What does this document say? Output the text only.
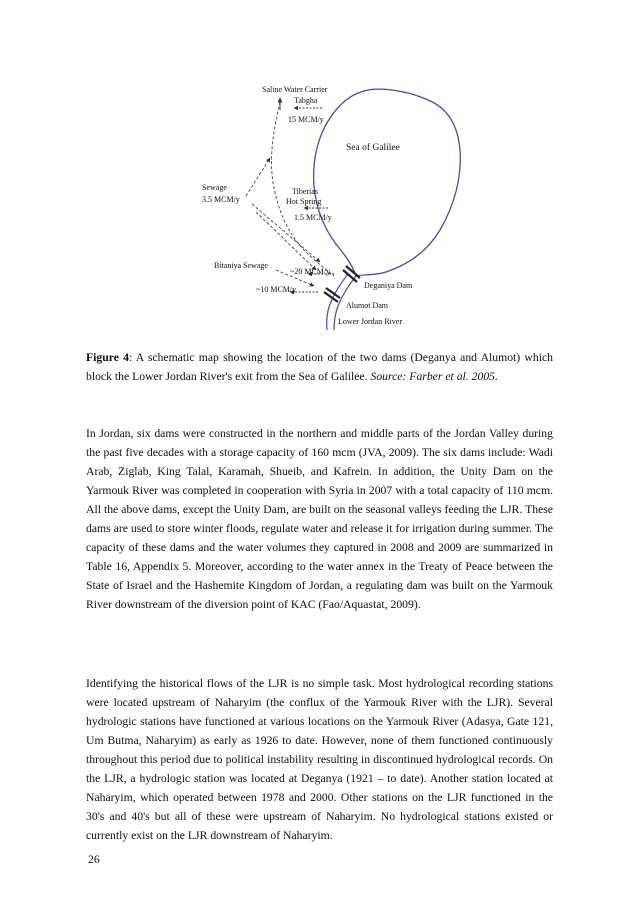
Saline Water Carrier
Tabgha
15 MCM/y
Sea of Galilee
Sewage
3.5 MCM/y
Tiberias
Hot Spring
1.5 MCM/y
Bitaniya Sewage
~20 MCM/y
~10 MCM/y	Deganiya Dam
Alumot Dam
Lower Jordan River

Figure 4: A schematic map showing the location of the two dams (Deganya and Alumot) which block the Lower Jordan River's exit from the Sea of Galilee. Source: Farber et al. 2005.

In Jordan, six dams were constructed in the northern and middle parts of the Jordan Valley during the past five decades with a storage capacity of 160 mcm (JVA, 2009). The six dams include: Wadi Arab, Ziglab, King Talal, Karamah, Shueib, and Kafrein. In addition, the Unity Dam on the Yarmouk River was completed in cooperation with Syria in 2007 with a total capacity of 110 mcm. All the above dams, except the Unity Dam, are built on the seasonal valleys feeding the LJR. These dams are used to store winter floods, regulate water and release it for irrigation during summer. The capacity of these dams and the water volumes they captured in 2008 and 2009 are summarized in Table 16, Appendix 5. Moreover, according to the water annex in the Treaty of Peace between the State of Israel and the Hashemite Kingdom of Jordan, a regulating dam was built on the Yarmouk River downstream of the diversion point of KAC (Fao/Aquastat, 2009).

Identifying the historical flows of the LJR is no simple task. Most hydrological recording stations were located upstream of Naharyim (the conflux of the Yarmouk River with the LJR). Several hydrologic stations have functioned at various locations on the Yarmouk River (Adasya, Gate 121, Um Butma, Naharyim) as early as 1926 to date. However, none of them functioned continuously throughout this period due to political instability resulting in discontinued hydrological records. On the LJR, a hydrologic station was located at Deganya (1921 – to date). Another station located at Naharyim, which operated between 1978 and 2000. Other stations on the LJR functioned in the 30's and 40's but all of these were upstream of Naharyim. No hydrological stations existed or currently exist on the LJR downstream of Naharyim.

26
